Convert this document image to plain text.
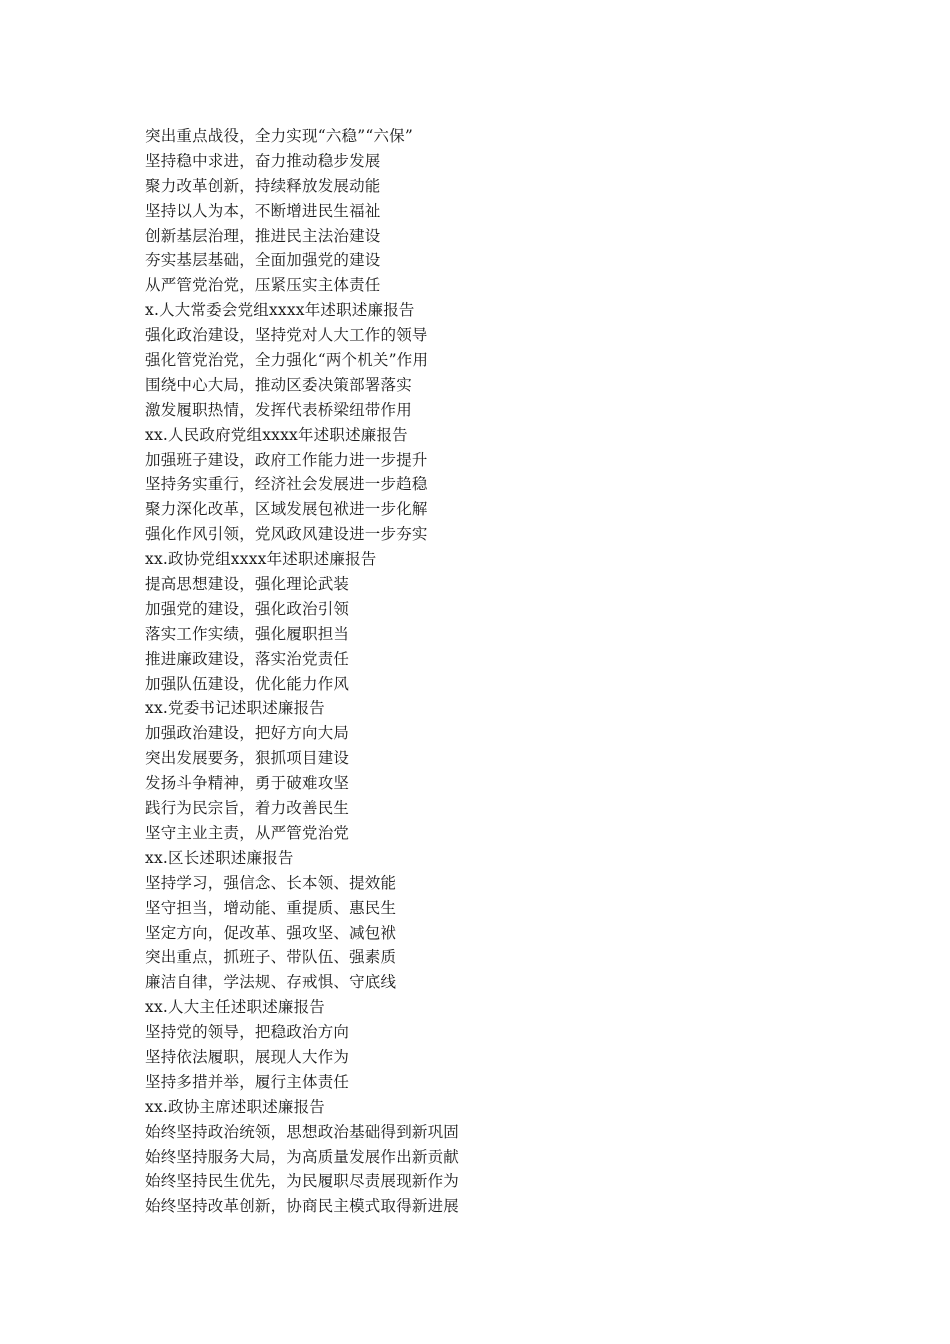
突出重点战役，全力实现“六稳”“六保”
坚持稳中求进，奋力推动稳步发展
聚力改革创新，持续释放发展动能
坚持以人为本，不断增进民生福祉
创新基层治理，推进民主法治建设
夯实基层基础，全面加强党的建设
从严管党治党，压紧压实主体责任
x.人大常委会党组xxxx年述职述廉报告
强化政治建设，坚持党对人大工作的领导
强化管党治党，全力强化“两个机关”作用
围绕中心大局，推动区委决策部署落实
激发履职热情，发挥代表桥梁纽带作用
xx.人民政府党组xxxx年述职述廉报告
加强班子建设，政府工作能力进一步提升
坚持务实重行，经济社会发展进一步趋稳
聚力深化改革，区域发展包袱进一步化解
强化作风引领，党风政风建设进一步夯实
xx.政协党组xxxx年述职述廉报告
提高思想建设，强化理论武装
加强党的建设，强化政治引领
落实工作实绩，强化履职担当
推进廉政建设，落实治党责任
加强队伍建设，优化能力作风
xx.党委书记述职述廉报告
加强政治建设，把好方向大局
突出发展要务，狠抓项目建设
发扬斗争精神，勇于破难攻坚
践行为民宗旨，着力改善民生
坚守主业主责，从严管党治党
xx.区长述职述廉报告
坚持学习，强信念、长本领、提效能
坚守担当，增动能、重提质、惠民生
坚定方向，促改革、强攻坚、减包袱
突出重点，抓班子、带队伍、强素质
廉洁自律，学法规、存戒惧、守底线
xx.人大主任述职述廉报告
坚持党的领导，把稳政治方向
坚持依法履职，展现人大作为
坚持多措并举，履行主体责任
xx.政协主席述职述廉报告
始终坚持政治统领，思想政治基础得到新巩固
始终坚持服务大局，为高质量发展作出新贡献
始终坚持民生优先，为民履职尽责展现新作为
始终坚持改革创新，协商民主模式取得新进展
